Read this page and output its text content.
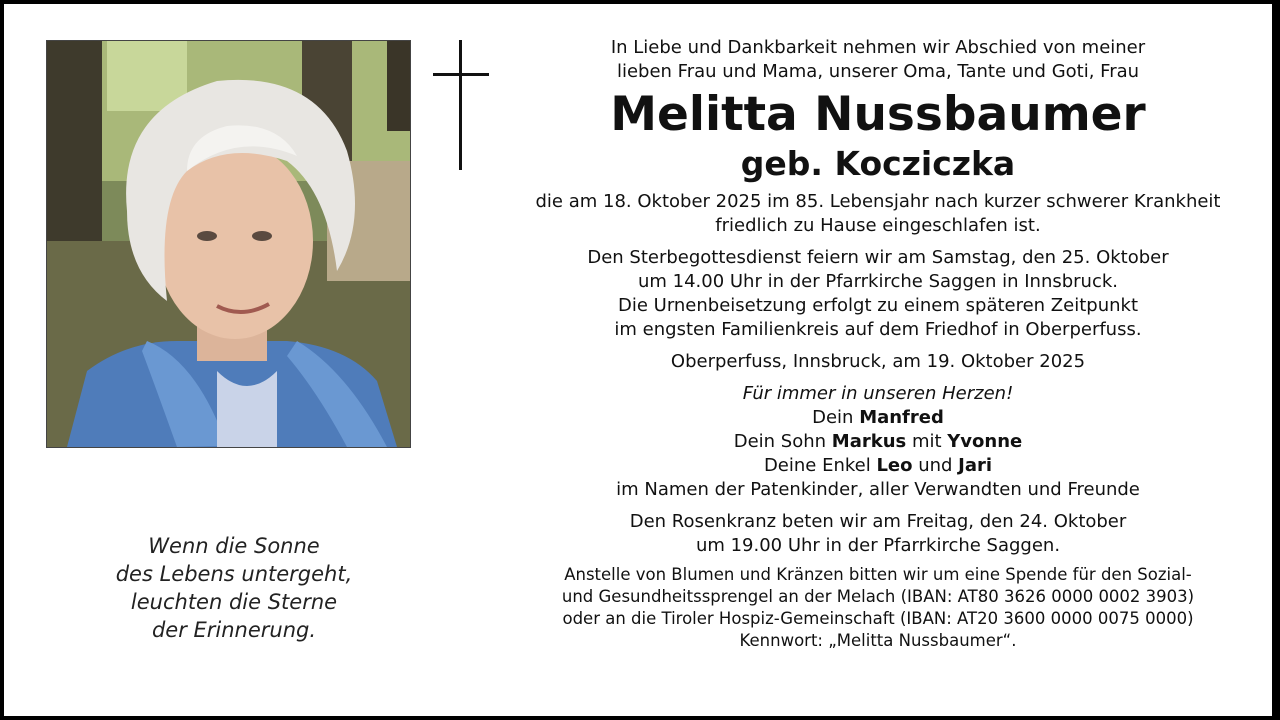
In Liebe und Dankbarkeit nehmen wir Abschied von meiner
lieben Frau und Mama, unserer Oma, Tante und Goti, Frau
Melitta Nussbaumer
geb. Kocziczka
die am 18. Oktober 2025 im 85. Lebensjahr nach kurzer schwerer Krankheit
friedlich zu Hause eingeschlafen ist.
Den Sterbegottesdienst feiern wir am Samstag, den 25. Oktober
um 14.00 Uhr in der Pfarrkirche Saggen in Innsbruck.
Die Urnenbeisetzung erfolgt zu einem späteren Zeitpunkt
im engsten Familienkreis auf dem Friedhof in Oberperfuss.
Oberperfuss, Innsbruck, am 19. Oktober 2025
Für immer in unseren Herzen!
Dein Manfred
Dein Sohn Markus mit Yvonne
Deine Enkel Leo und Jari
im Namen der Patenkinder, aller Verwandten und Freunde
Den Rosenkranz beten wir am Freitag, den 24. Oktober
um 19.00 Uhr in der Pfarrkirche Saggen.
Anstelle von Blumen und Kränzen bitten wir um eine Spende für den Sozial-
und Gesundheitssprengel an der Melach (IBAN: AT80 3626 0000 0002 3903)
oder an die Tiroler Hospiz-Gemeinschaft (IBAN: AT20 3600 0000 0075 0000)
Kennwort: „Melitta Nussbaumer“.
Wenn die Sonne
des Lebens untergeht,
leuchten die Sterne
der Erinnerung.
